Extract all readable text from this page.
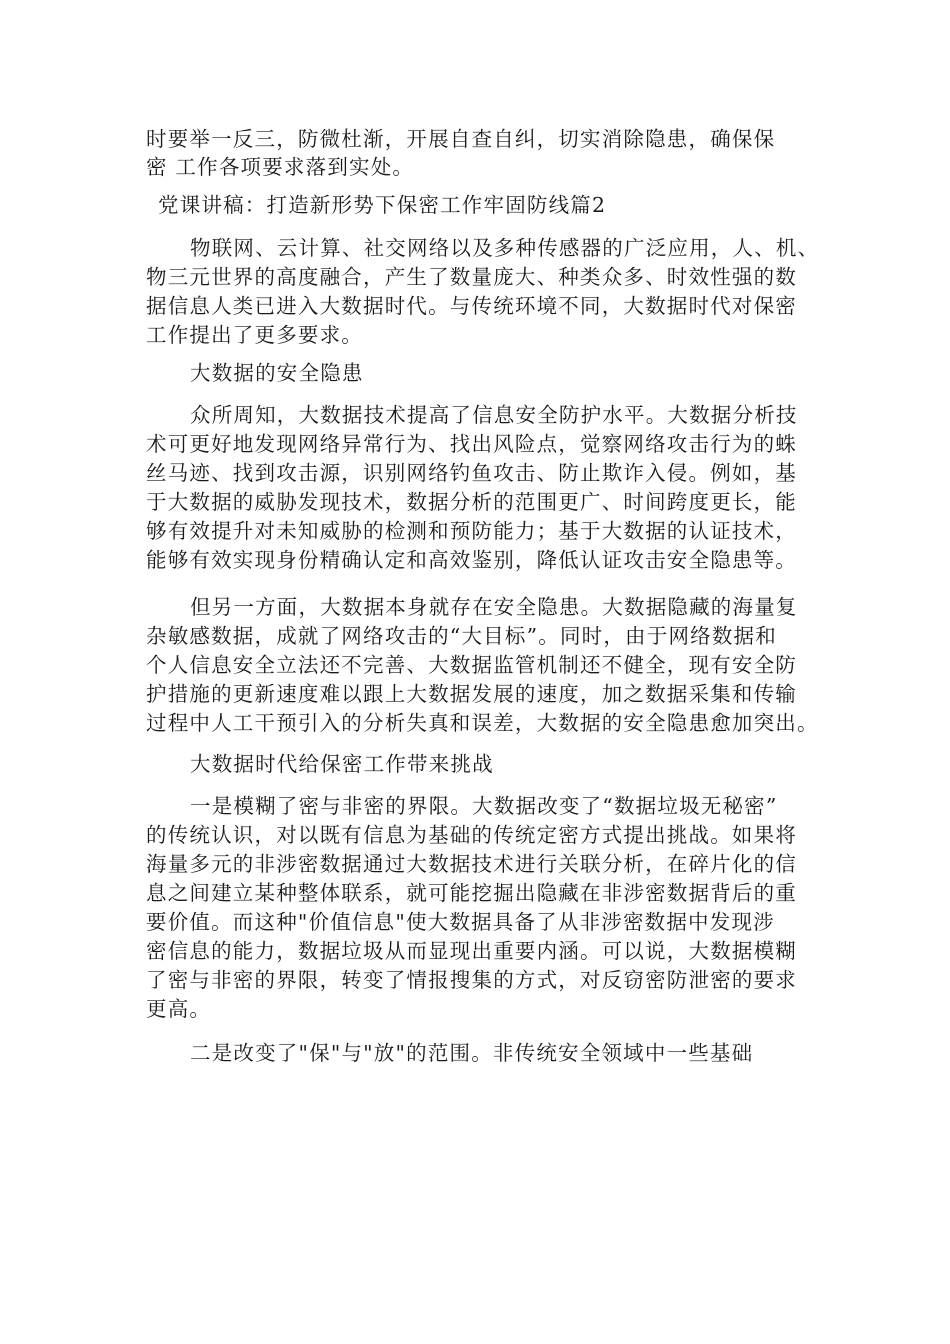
时要举一反三，防微杜渐，开展自查自纠，切实消除隐患，确保保
密 工作各项要求落到实处。
党课讲稿：打造新形势下保密工作牢固防线篇2
物联网、云计算、社交网络以及多种传感器的广泛应用，人、机、
物三元世界的高度融合，产生了数量庞大、种类众多、时效性强的数
据信息人类已进入大数据时代。与传统环境不同，大数据时代对保密
工作提出了更多要求。
大数据的安全隐患
众所周知，大数据技术提高了信息安全防护水平。大数据分析技
术可更好地发现网络异常行为、找出风险点，觉察网络攻击行为的蛛
丝马迹、找到攻击源，识别网络钓鱼攻击、防止欺诈入侵。例如，基
于大数据的威胁发现技术，数据分析的范围更广、时间跨度更长，能
够有效提升对未知威胁的检测和预防能力；基于大数据的认证技术，
能够有效实现身份精确认定和高效鉴别，降低认证攻击安全隐患等。
但另一方面，大数据本身就存在安全隐患。大数据隐藏的海量复
杂敏感数据，成就了网络攻击的“大目标”。同时，由于网络数据和
个人信息安全立法还不完善、大数据监管机制还不健全，现有安全防
护措施的更新速度难以跟上大数据发展的速度，加之数据采集和传输
过程中人工干预引入的分析失真和误差，大数据的安全隐患愈加突出。
大数据时代给保密工作带来挑战
一是模糊了密与非密的界限。大数据改变了“数据垃圾无秘密”
的传统认识，对以既有信息为基础的传统定密方式提出挑战。如果将
海量多元的非涉密数据通过大数据技术进行关联分析，在碎片化的信
息之间建立某种整体联系，就可能挖掘出隐藏在非涉密数据背后的重
要价值。而这种"价值信息"使大数据具备了从非涉密数据中发现涉
密信息的能力，数据垃圾从而显现出重要内涵。可以说，大数据模糊
了密与非密的界限，转变了情报搜集的方式，对反窃密防泄密的要求
更高。
二是改变了"保"与"放"的范围。非传统安全领域中一些基础
